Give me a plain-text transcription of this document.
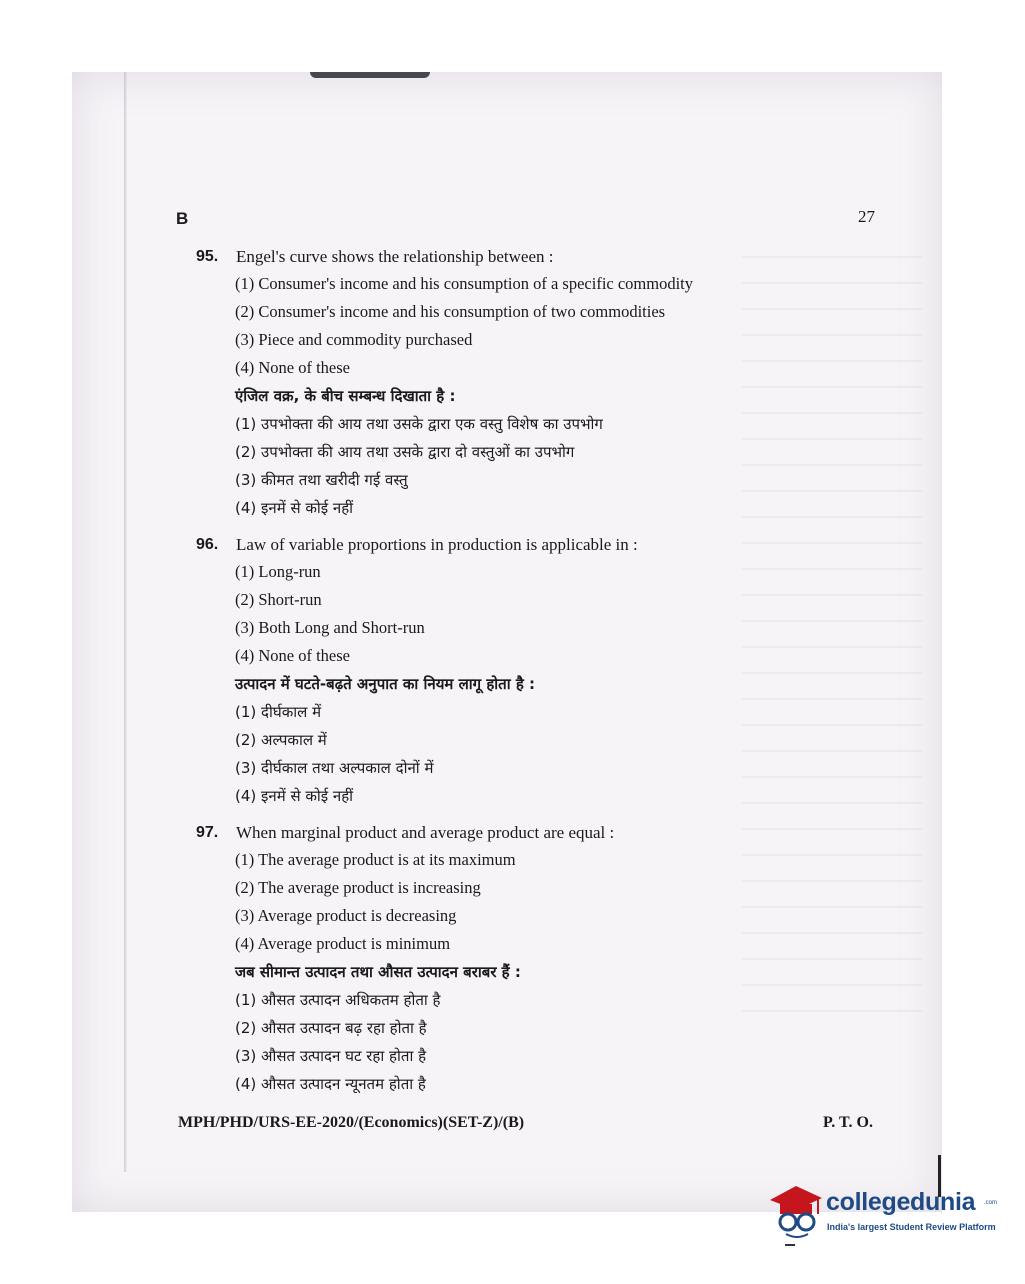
B	27
95.	Engel's curve shows the relationship between :
(1) Consumer's income and his consumption of a specific commodity
(2) Consumer's income and his consumption of two commodities
(3) Piece and commodity purchased
(4) None of these
एंजिल वक्र, के बीच सम्बन्ध दिखाता है :
(1) उपभोक्ता की आय तथा उसके द्वारा एक वस्तु विशेष का उपभोग
(2) उपभोक्ता की आय तथा उसके द्वारा दो वस्तुओं का उपभोग
(3) कीमत तथा खरीदी गई वस्तु
(4) इनमें से कोई नहीं
96.	Law of variable proportions in production is applicable in :
(1) Long-run
(2) Short-run
(3) Both Long and Short-run
(4) None of these
उत्पादन में घटते-बढ़ते अनुपात का नियम लागू होता है :
(1) दीर्घकाल में
(2) अल्पकाल में
(3) दीर्घकाल तथा अल्पकाल दोनों में
(4) इनमें से कोई नहीं
97.	When marginal product and average product are equal :
(1) The average product is at its maximum
(2) The average product is increasing
(3) Average product is decreasing
(4) Average product is minimum
जब सीमान्त उत्पादन तथा औसत उत्पादन बराबर हैं :
(1) औसत उत्पादन अधिकतम होता है
(2) औसत उत्पादन बढ़ रहा होता है
(3) औसत उत्पादन घट रहा होता है
(4) औसत उत्पादन न्यूनतम होता है
MPH/PHD/URS-EE-2020/(Economics)(SET-Z)/(B)	P. T. O.
collegedunia .com
India's largest Student Review Platform
